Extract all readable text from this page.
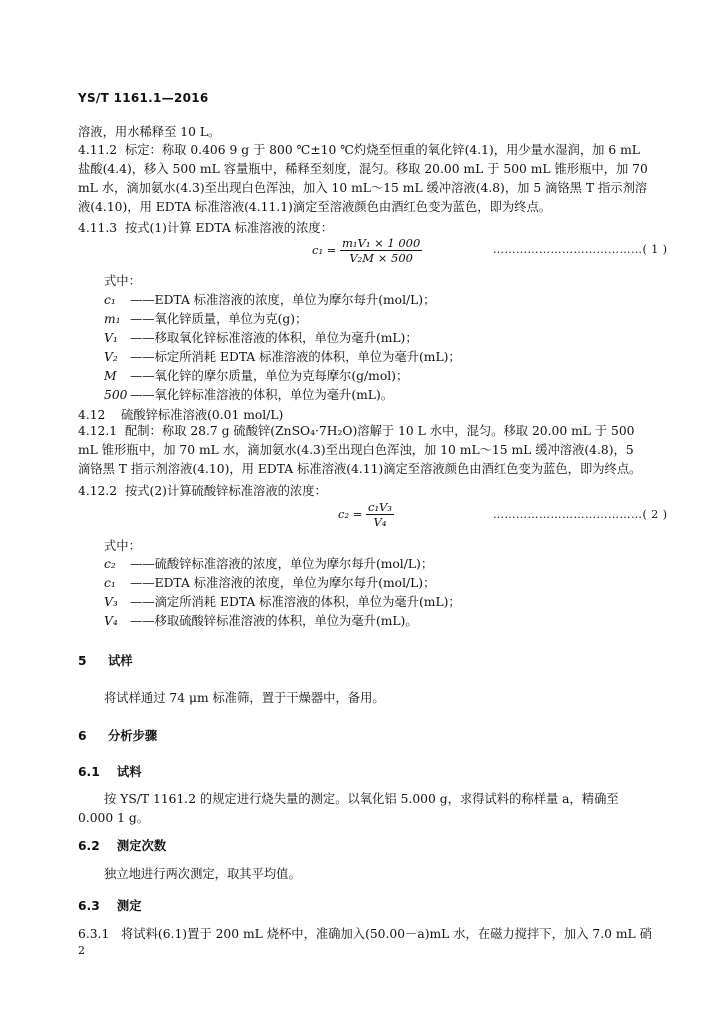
YS/T 1161.1—2016
溶液，用水稀释至 10 L。
4.11.2 标定：称取 0.406 9 g 于 800 ℃±10 ℃灼烧至恒重的氧化锌(4.1)，用少量水湿润，加 6 mL 盐酸(4.4)，移入 500 mL 容量瓶中，稀释至刻度，混匀。移取 20.00 mL 于 500 mL 锥形瓶中，加 70 mL 水，滴加氨水(4.3)至出现白色浑浊，加入 10 mL～15 mL 缓冲溶液(4.8)，加 5 滴铬黑 T 指示剂溶液(4.10)，用 EDTA 标准溶液(4.11.1)滴定至溶液颜色由酒红色变为蓝色，即为终点。
4.11.3 按式(1)计算 EDTA 标准溶液的浓度：
$c_1 = \frac{\text{m₁V₁ × 1 000}}{\text{V₂M × 500}}$	…………………………………( 1 )
式中：
c₁ ——EDTA 标准溶液的浓度，单位为摩尔每升(mol/L)；
m₁ ——氧化锌质量，单位为克(g)；
V₁ ——移取氧化锌标准溶液的体积，单位为毫升(mL)；
V₂ ——标定所消耗 EDTA 标准溶液的体积，单位为毫升(mL)；
M ——氧化锌的摩尔质量，单位为克每摩尔(g/mol)；
500 ——氧化锌标准溶液的体积，单位为毫升(mL)。
4.12 硫酸锌标准溶液(0.01 mol/L)
4.12.1 配制：称取 28.7 g 硫酸锌(ZnSO₄·7H₂O)溶解于 10 L 水中，混匀。移取 20.00 mL 于 500 mL 锥形瓶中，加 70 mL 水，滴加氨水(4.3)至出现白色浑浊，加 10 mL～15 mL 缓冲溶液(4.8)，5 滴铬黑 T 指示剂溶液(4.10)，用 EDTA 标准溶液(4.11)滴定至溶液颜色由酒红色变为蓝色，即为终点。
4.12.2 按式(2)计算硫酸锌标准溶液的浓度：
$c_2 = \frac{\text{c₁V₃}}{\text{V₄}}$	…………………………………( 2 )
式中：
c₂ ——硫酸锌标准溶液的浓度，单位为摩尔每升(mol/L)；
c₁ ——EDTA 标准溶液的浓度，单位为摩尔每升(mol/L)；
V₃ ——滴定所消耗 EDTA 标准溶液的体积，单位为毫升(mL)；
V₄ ——移取硫酸锌标准溶液的体积，单位为毫升(mL)。
5 试样
将试样通过 74 μm 标准筛，置于干燥器中，备用。
6 分析步骤
6.1 试料
按 YS/T 1161.2 的规定进行烧失量的测定。以氧化铝 5.000 g，求得试料的称样量 a，精确至 0.000 1 g。
6.2 测定次数
独立地进行两次测定，取其平均值。
6.3 测定
6.3.1 将试料(6.1)置于 200 mL 烧杯中，准确加入(50.00－a)mL 水，在磁力搅拌下，加入 7.0 mL 硝
2
